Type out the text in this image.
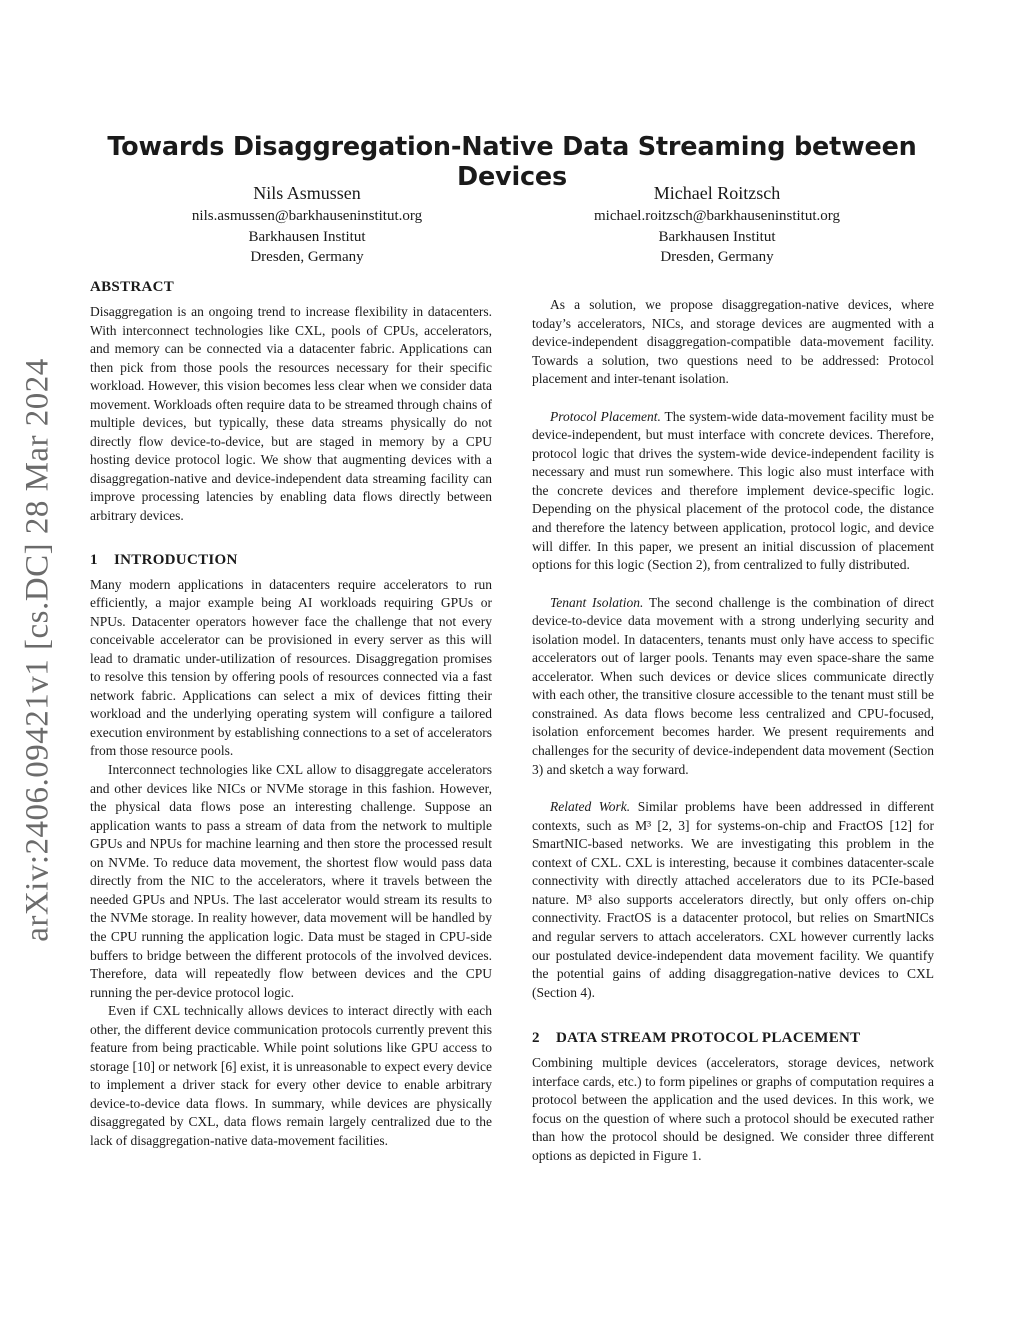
arXiv:2406.09421v1 [cs.DC] 28 Mar 2024
Towards Disaggregation-Native Data Streaming between Devices
Nils Asmussen
nils.asmussen@barkhauseninstitut.org
Barkhausen Institut
Dresden, Germany
Michael Roitzsch
michael.roitzsch@barkhauseninstitut.org
Barkhausen Institut
Dresden, Germany
ABSTRACT

Disaggregation is an ongoing trend to increase flexibility in datacenters. With interconnect technologies like CXL, pools of CPUs, accelerators, and memory can be connected via a datacenter fabric. Applications can then pick from those pools the resources necessary for their specific workload. However, this vision becomes less clear when we consider data movement. Workloads often require data to be streamed through chains of multiple devices, but typically, these data streams physically do not directly flow device-to-device, but are staged in memory by a CPU hosting device protocol logic. We show that augmenting devices with a disaggregation-native and device-independent data streaming facility can improve processing latencies by enabling data flows directly between arbitrary devices.

1 INTRODUCTION

Many modern applications in datacenters require accelerators to run efficiently, a major example being AI workloads requiring GPUs or NPUs. Datacenter operators however face the challenge that not every conceivable accelerator can be provisioned in every server as this will lead to dramatic under-utilization of resources. Disaggregation promises to resolve this tension by offering pools of resources connected via a fast network fabric. Applications can select a mix of devices fitting their workload and the underlying operating system will configure a tailored execution environment by establishing connections to a set of accelerators from those resource pools.

Interconnect technologies like CXL allow to disaggregate accelerators and other devices like NICs or NVMe storage in this fashion. However, the physical data flows pose an interesting challenge. Suppose an application wants to pass a stream of data from the network to multiple GPUs and NPUs for machine learning and then store the processed result on NVMe. To reduce data movement, the shortest flow would pass data directly from the NIC to the accelerators, where it travels between the needed GPUs and NPUs. The last accelerator would stream its results to the NVMe storage. In reality however, data movement will be handled by the CPU running the application logic. Data must be staged in CPU-side buffers to bridge between the different protocols of the involved devices. Therefore, data will repeatedly flow between devices and the CPU running the per-device protocol logic.

Even if CXL technically allows devices to interact directly with each other, the different device communication protocols currently prevent this feature from being practicable. While point solutions like GPU access to storage [10] or network [6] exist, it is unreasonable to expect every device to implement a driver stack for every other device to enable arbitrary device-to-device data flows. In summary, while devices are physically disaggregated by CXL, data flows remain largely centralized due to the lack of disaggregation-native data-movement facilities.

As a solution, we propose disaggregation-native devices, where today’s accelerators, NICs, and storage devices are augmented with a device-independent disaggregation-compatible data-movement facility. Towards a solution, two questions need to be addressed: Protocol placement and inter-tenant isolation.

Protocol Placement. The system-wide data-movement facility must be device-independent, but must interface with concrete devices. Therefore, protocol logic that drives the system-wide device-independent facility is necessary and must run somewhere. This logic also must interface with the concrete devices and therefore implement device-specific logic. Depending on the physical placement of the protocol code, the distance and therefore the latency between application, protocol logic, and device will differ. In this paper, we present an initial discussion of placement options for this logic (Section 2), from centralized to fully distributed.

Tenant Isolation. The second challenge is the combination of direct device-to-device data movement with a strong underlying security and isolation model. In datacenters, tenants must only have access to specific accelerators out of larger pools. Tenants may even space-share the same accelerator. When such devices or device slices communicate directly with each other, the transitive closure accessible to the tenant must still be constrained. As data flows become less centralized and CPU-focused, isolation enforcement becomes harder. We present requirements and challenges for the security of device-independent data movement (Section 3) and sketch a way forward.

Related Work. Similar problems have been addressed in different contexts, such as M³ [2, 3] for systems-on-chip and FractOS [12] for SmartNIC-based networks. We are investigating this problem in the context of CXL. CXL is interesting, because it combines datacenter-scale connectivity with directly attached accelerators due to its PCIe-based nature. M³ also supports accelerators directly, but only offers on-chip connectivity. FractOS is a datacenter protocol, but relies on SmartNICs and regular servers to attach accelerators. CXL however currently lacks our postulated device-independent data movement facility. We quantify the potential gains of adding disaggregation-native devices to CXL (Section 4).

2 DATA STREAM PROTOCOL PLACEMENT

Combining multiple devices (accelerators, storage devices, network interface cards, etc.) to form pipelines or graphs of computation requires a protocol between the application and the used devices. In this work, we focus on the question of where such a protocol should be executed rather than how the protocol should be designed. We consider three different options as depicted in Figure 1.
